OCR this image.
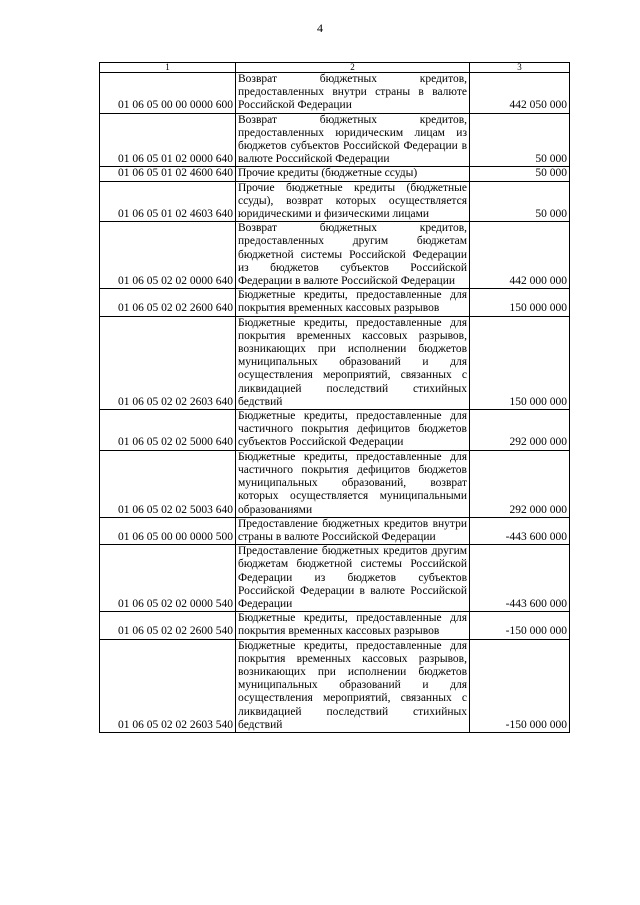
4
1	2	3
01 06 05 00 00 0000 600	Возврат бюджетных кредитов, предоставленных внутри страны в валюте Российской Федерации	442 050 000
01 06 05 01 02 0000 640	Возврат бюджетных кредитов, предоставленных юридическим лицам из бюджетов субъектов Российской Федерации в валюте Российской Федерации	50 000
01 06 05 01 02 4600 640	Прочие кредиты (бюджетные ссуды)	50 000
01 06 05 01 02 4603 640	Прочие бюджетные кредиты (бюджетные ссуды), возврат которых осуществляется юридическими и физическими лицами	50 000
01 06 05 02 02 0000 640	Возврат бюджетных кредитов, предоставленных другим бюджетам бюджетной системы Российской Федерации из бюджетов субъектов Российской Федерации в валюте Российской Федерации	442 000 000
01 06 05 02 02 2600 640	Бюджетные кредиты, предоставленные для покрытия временных кассовых разрывов	150 000 000
01 06 05 02 02 2603 640	Бюджетные кредиты, предоставленные для покрытия временных кассовых разрывов, возникающих при исполнении бюджетов муниципальных образований и для осуществления мероприятий, связанных с ликвидацией последствий стихийных бедствий	150 000 000
01 06 05 02 02 5000 640	Бюджетные кредиты, предоставленные для частичного покрытия дефицитов бюджетов субъектов Российской Федерации	292 000 000
01 06 05 02 02 5003 640	Бюджетные кредиты, предоставленные для частичного покрытия дефицитов бюджетов муниципальных образований, возврат которых осуществляется муниципальными образованиями	292 000 000
01 06 05 00 00 0000 500	Предоставление бюджетных кредитов внутри страны в валюте Российской Федерации	-443 600 000
01 06 05 02 02 0000 540	Предоставление бюджетных кредитов другим бюджетам бюджетной системы Российской Федерации из бюджетов субъектов Российской Федерации в валюте Российской Федерации	-443 600 000
01 06 05 02 02 2600 540	Бюджетные кредиты, предоставленные для покрытия временных кассовых разрывов	-150 000 000
01 06 05 02 02 2603 540	Бюджетные кредиты, предоставленные для покрытия временных кассовых разрывов, возникающих при исполнении бюджетов муниципальных образований и для осуществления мероприятий, связанных с ликвидацией последствий стихийных бедствий	-150 000 000
